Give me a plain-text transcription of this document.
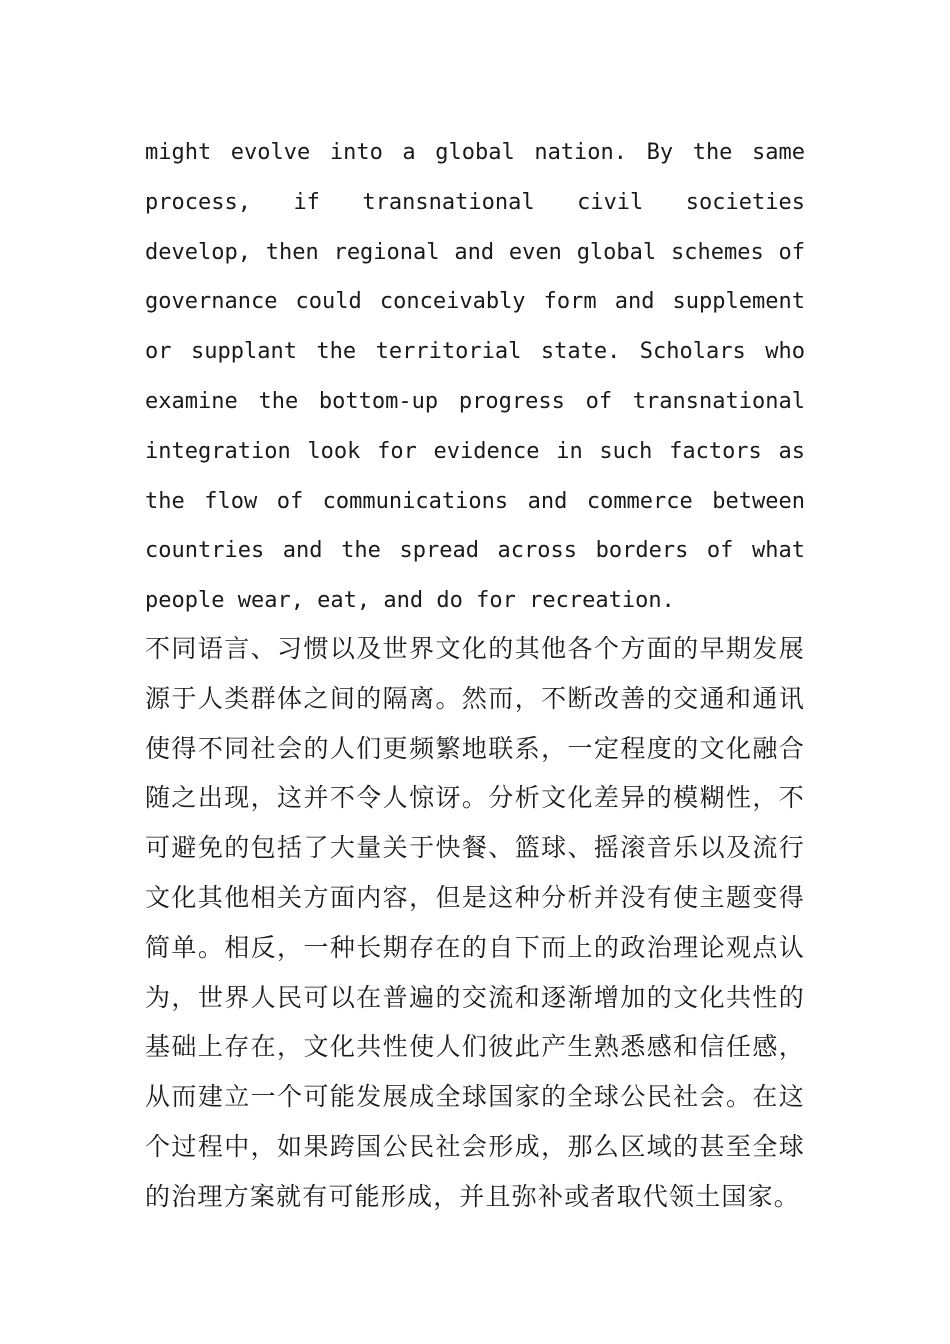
might evolve into a global nation. By the same process, if transnational civil societies develop, then regional and even global schemes of governance could conceivably form and supplement or supplant the territorial state. Scholars who examine the bottom-up progress of transnational integration look for evidence in such factors as the flow of communications and commerce between countries and the spread across borders of what people wear, eat, and do for recreation.

不同语言、习惯以及世界文化的其他各个方面的早期发展源于人类群体之间的隔离。然而，不断改善的交通和通讯使得不同社会的人们更频繁地联系，一定程度的文化融合随之出现，这并不令人惊讶。分析文化差异的模糊性，不可避免的包括了大量关于快餐、篮球、摇滚音乐以及流行文化其他相关方面内容，但是这种分析并没有使主题变得简单。相反，一种长期存在的自下而上的政治理论观点认为，世界人民可以在普遍的交流和逐渐增加的文化共性的基础上存在，文化共性使人们彼此产生熟悉感和信任感，从而建立一个可能发展成全球国家的全球公民社会。在这个过程中，如果跨国公民社会形成，那么区域的甚至全球的治理方案就有可能形成，并且弥补或者取代领土国家。
